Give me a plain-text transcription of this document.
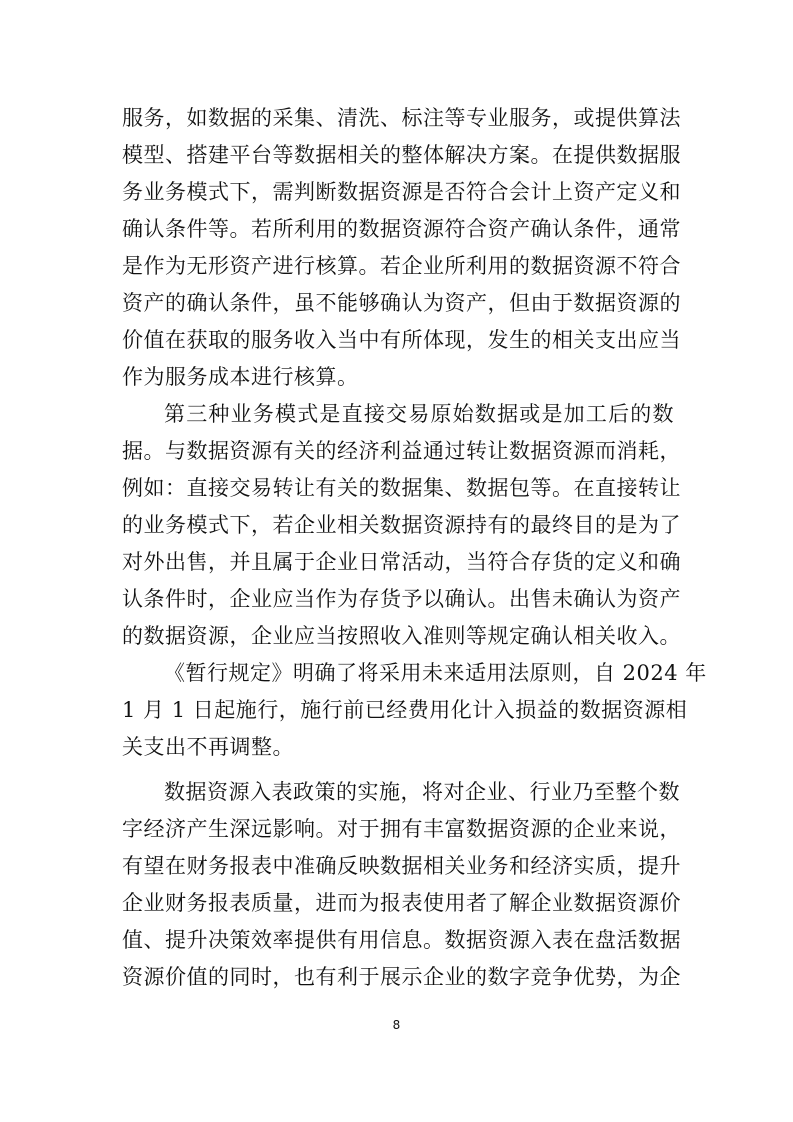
服务，如数据的采集、清洗、标注等专业服务，或提供算法
模型、搭建平台等数据相关的整体解决方案。在提供数据服
务业务模式下，需判断数据资源是否符合会计上资产定义和
确认条件等。若所利用的数据资源符合资产确认条件，通常
是作为无形资产进行核算。若企业所利用的数据资源不符合
资产的确认条件，虽不能够确认为资产，但由于数据资源的
价值在获取的服务收入当中有所体现，发生的相关支出应当
作为服务成本进行核算。
第三种业务模式是直接交易原始数据或是加工后的数
据。与数据资源有关的经济利益通过转让数据资源而消耗，
例如：直接交易转让有关的数据集、数据包等。在直接转让
的业务模式下，若企业相关数据资源持有的最终目的是为了
对外出售，并且属于企业日常活动，当符合存货的定义和确
认条件时，企业应当作为存货予以确认。出售未确认为资产
的数据资源，企业应当按照收入准则等规定确认相关收入。
《暂行规定》明确了将采用未来适用法原则，自 2024 年
1 月 1 日起施行，施行前已经费用化计入损益的数据资源相
关支出不再调整。
数据资源入表政策的实施，将对企业、行业乃至整个数
字经济产生深远影响。对于拥有丰富数据资源的企业来说，
有望在财务报表中准确反映数据相关业务和经济实质，提升
企业财务报表质量，进而为报表使用者了解企业数据资源价
值、提升决策效率提供有用信息。数据资源入表在盘活数据
资源价值的同时，也有利于展示企业的数字竞争优势，为企
8
